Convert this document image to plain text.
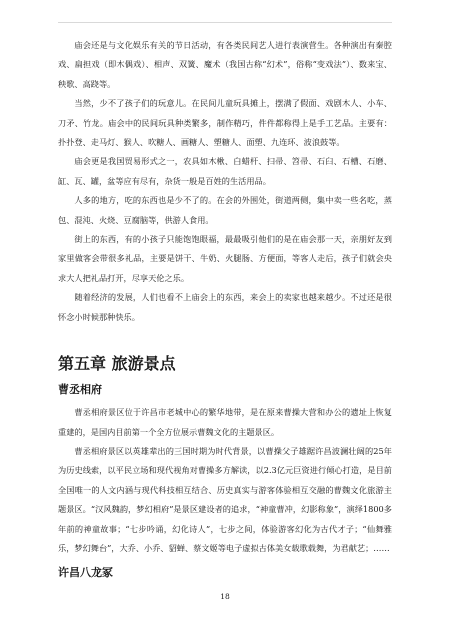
庙会还是与文化娱乐有关的节日活动，有各类民间艺人进行表演营生。各种演出有秦腔戏、扁担戏（即木偶戏）、相声、双簧、魔术（我国古称“幻术”，俗称“变戏法”）、数来宝、秧歌、高跷等。

当然，少不了孩子们的玩意儿。在民间儿童玩具摊上，摆满了假面、戏剧木人、小车、刀矛、竹龙。庙会中的民间玩具种类繁多，制作精巧，件件都称得上是手工艺品。主要有：扑扑登、走马灯、猴人、吹糖人、画糖人、塑糖人、面塑、九连环、波浪鼓等。

庙会更是我国贸易形式之一，农具如木楸、白蜡杆、扫帚、笤帚、石臼、石槽、石磨、缸、瓦、罐，盆等应有尽有，杂货一般是百姓的生活用品。

人多的地方，吃的东西也是少不了的。在会的外围处，街道两侧，集中卖一些名吃，蒸包、混沌、火烧、豆腐脑等，供游人食用。

街上的东西，有的小孩子只能饱饱眼福，最最吸引他们的是在庙会那一天，亲朋好友到家里做客会带很多礼品，主要是饼干、牛奶、火腿肠、方便面，等客人走后，孩子们就会央求大人把礼品打开，尽享天伦之乐。

随着经济的发展，人们也看不上庙会上的东西，来会上的卖家也越来越少。不过还是很怀念小时候那种快乐。

第五章 旅游景点
曹丞相府

曹丞相府景区位于许昌市老城中心的繁华地带，是在原来曹操大营和办公的遗址上恢复重建的，是国内目前第一个全方位展示曹魏文化的主题景区。

曹丞相府景区以英雄辈出的三国时期为时代背景，以曹操父子雄踞许昌波澜壮阔的25年为历史线索，以平民立场和现代视角对曹操多方解读，以2.3亿元巨资进行倾心打造，是目前全国唯一的人文内涵与现代科技相互结合、历史真实与游客体验相互交融的曹魏文化旅游主题景区。“汉风魏韵，梦幻相府”是景区建设者的追求，“神童曹冲，幻影称象”，演绎1800多年前的神童故事；“七步吟诵，幻化诗人”，七步之间，体验游客幻化为古代才子；“仙舞雅乐，梦幻舞台”，大乔、小乔、貂蝉、蔡文姬等电子虚拟古体美女载歌载舞，为君献艺；……

许昌八龙冢
18
